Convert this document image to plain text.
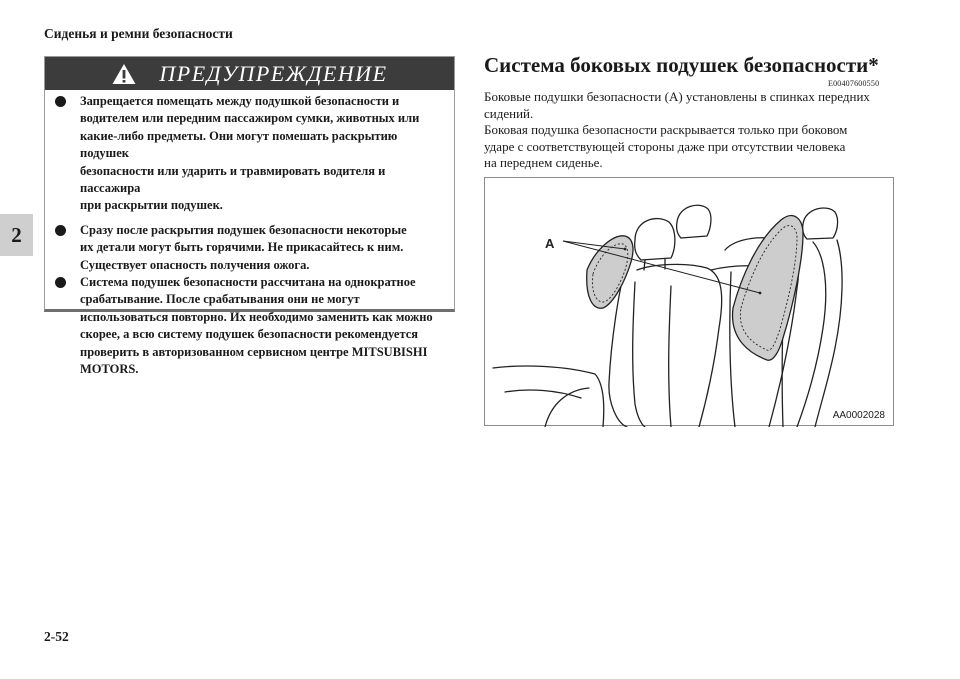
Сиденья и ремни безопасности
2
ПРЕДУПРЕЖДЕНИЕ
Запрещается помещать между подушкой безопасности и
водителем или передним пассажиром сумки, животных или
какие-либо предметы. Они могут помешать раскрытию подушек
безопасности или ударить и травмировать водителя и пассажира
при раскрытии подушек.
Сразу после раскрытия подушек безопасности некоторые
их детали могут быть горячими. Не прикасайтесь к ним.
Существует опасность получения ожога.
Система подушек безопасности рассчитана на однократное
срабатывание. После срабатывания они не могут
использоваться повторно. Их необходимо заменить как можно
скорее, а всю систему подушек безопасности рекомендуется
проверить в авторизованном сервисном центре MITSUBISHI
MOTORS.
Система боковых подушек безопасности*
E00407600550

Боковые подушки безопасности (A) установлены в спинках передних
сидений.

Боковая подушка безопасности раскрывается только при боковом
ударе с соответствующей стороны даже при отсутствии человека
на переднем сиденье.

A
AA0002028
2-52
